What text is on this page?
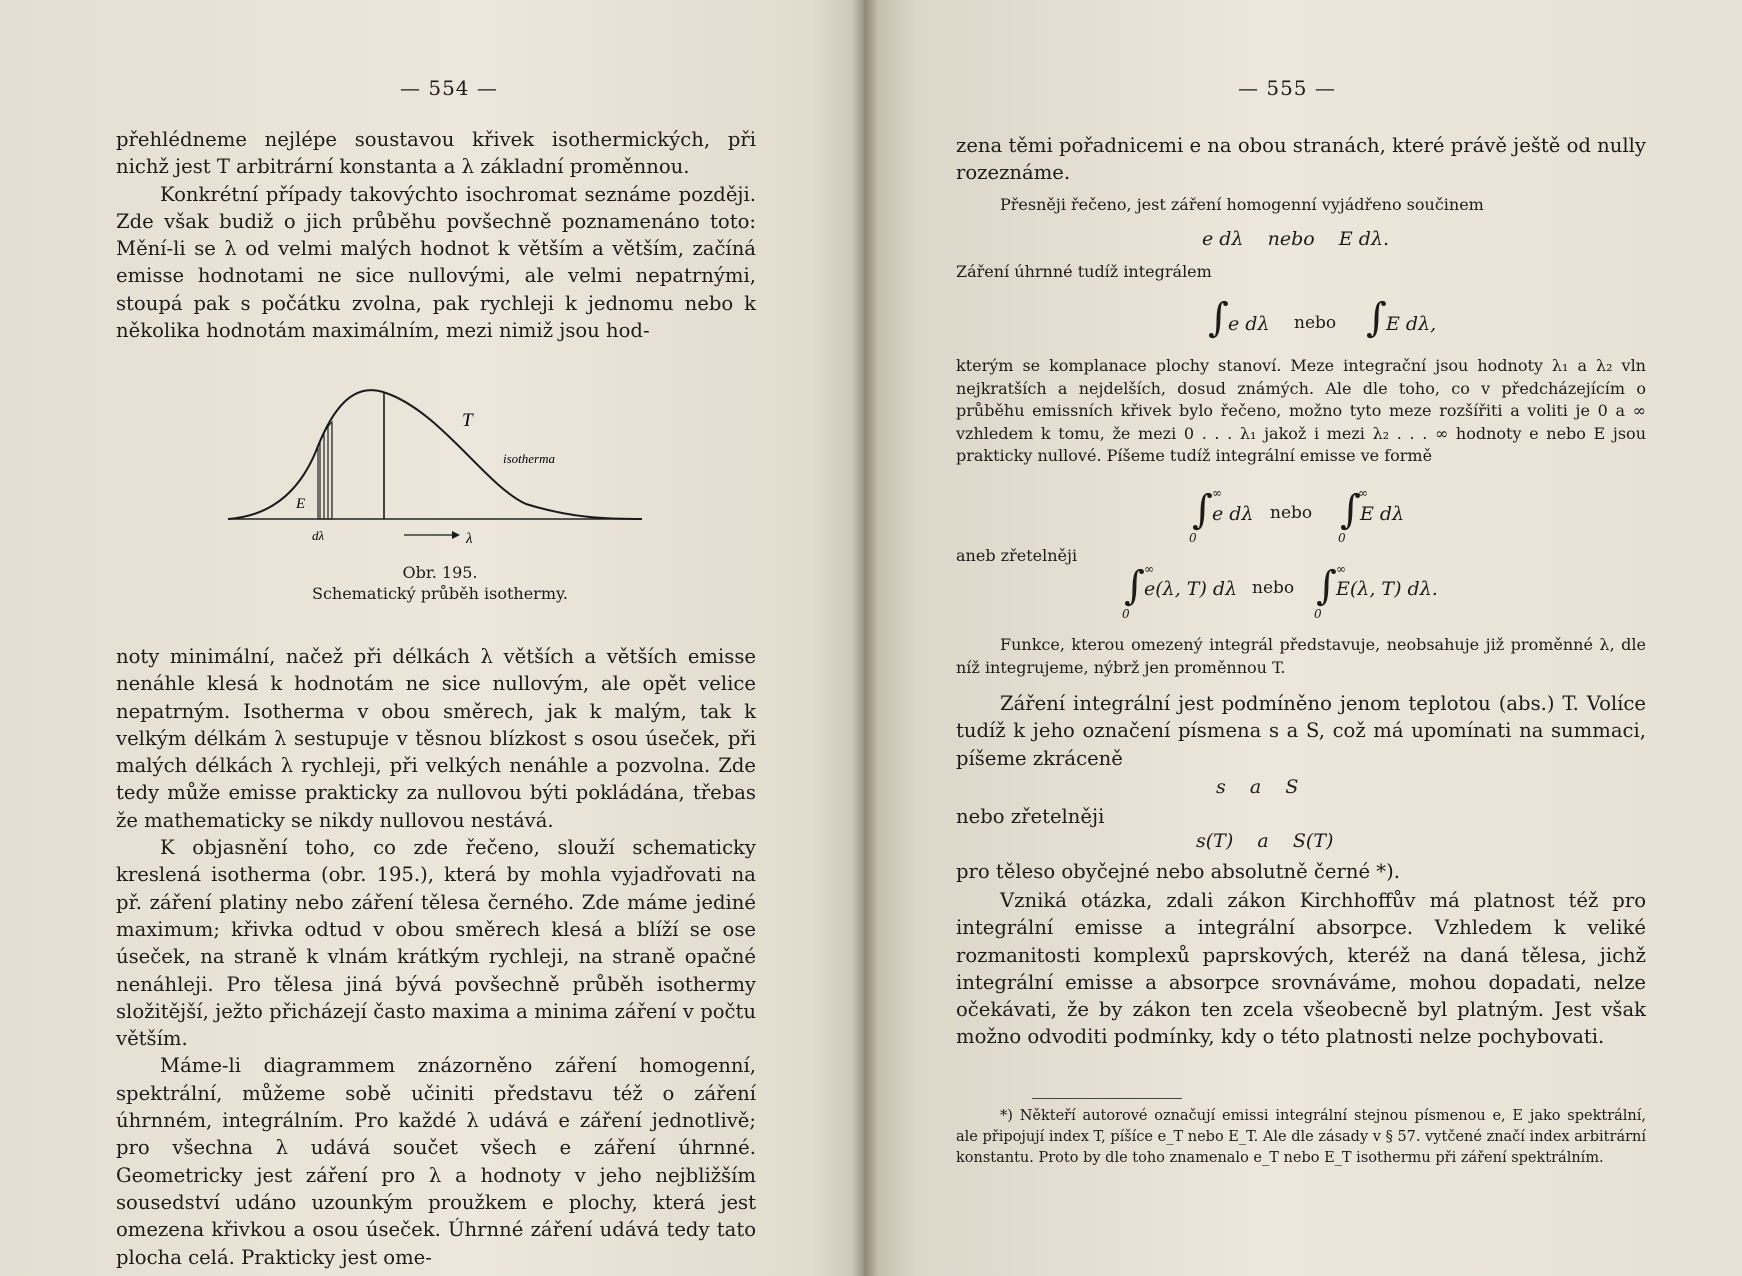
— 554 —

přehlédneme nejlépe soustavou křivek isothermických, při nichž jest T arbitrární konstanta a λ základní proměnnou.

Konkrétní případy takovýchto isochromat seznáme později. Zde však budiž o jich průběhu povšechně poznamenáno toto: Mění-li se λ od velmi malých hodnot k větším a větším, začíná emisse hodnotami ne sice nullovými, ale velmi nepatrnými, stoupá pak s počátku zvolna, pak rychleji k jednomu nebo k několika hodnotám maximálním, mezi nimiž jsou hod-

T
isotherma
E
dλ	λ
Obr. 195.
Schematický průběh isothermy.

noty minimální, načež při délkách λ větších a větších emisse nenáhle klesá k hodnotám ne sice nullovým, ale opět velice nepatrným. Isotherma v obou směrech, jak k malým, tak k velkým délkám λ sestupuje v těsnou blízkost s osou úseček, při malých délkách λ rychleji, při velkých nenáhle a pozvolna. Zde tedy může emisse prakticky za nullovou býti pokládána, třebas že mathematicky se nikdy nullovou nestává.

K objasnění toho, co zde řečeno, slouží schematicky kreslená isotherma (obr. 195.), která by mohla vyjadřovati na př. záření platiny nebo záření tělesa černého. Zde máme jediné maximum; křivka odtud v obou směrech klesá a blíží se ose úseček, na straně k vlnám krátkým rychleji, na straně opačné nenáhleji. Pro tělesa jiná bývá povšechně průběh isothermy složitější, ježto přicházejí často maxima a minima záření v počtu větším.

Máme-li diagrammem znázorněno záření homogenní, spektrální, můžeme sobě učiniti představu též o záření úhrnném, integrálním. Pro každé λ udává e záření jednotlivě; pro všechna λ udává součet všech e záření úhrnné. Geometricky jest záření pro λ a hodnoty v jeho nejbližším sousedství udáno uzounkým proužkem e plochy, která jest omezena křivkou a osou úseček. Úhrnné záření udává tedy tato plocha celá. Prakticky jest ome-

— 555 —

zena těmi pořadnicemi e na obou stranách, které právě ještě od nully rozeznáme.

Přesněji řečeno, jest záření homogenní vyjádřeno součinem

e dλ    nebo    E dλ.

Záření úhrnné tudíž integrálem

∫ e dλ nebo ∫ E dλ,

kterým se komplanace plochy stanoví. Meze integrační jsou hodnoty λ₁ a λ₂ vln nejkratších a nejdelších, dosud známých. Ale dle toho, co v předcházejícím o průběhu emissních křivek bylo řečeno, možno tyto meze rozšířiti a voliti je 0 a ∞ vzhledem k tomu, že mezi 0 . . . λ₁ jakož i mezi λ₂ . . . ∞ hodnoty e nebo E jsou prakticky nullové. Píšeme tudíž integrální emisse ve formě

∫ ∞
0
e dλ nebo ∫
∞
0
E dλ

aneb zřetelněji

∫ ∞
0
e(λ, T) dλ nebo ∫ ∞
0
E(λ, T) dλ.

Funkce, kterou omezený integrál představuje, neobsahuje již proměnné λ, dle níž integrujeme, nýbrž jen proměnnou T.

Záření integrální jest podmíněno jenom teplotou (abs.) T. Volíce tudíž k jeho označení písmena s a S, což má upomínati na summaci, píšeme zkráceně

s    a    S

nebo zřetelněji

s(T)    a    S(T)

pro těleso obyčejné nebo absolutně černé *).

Vzniká otázka, zdali zákon Kirchhoffův má platnost též pro integrální emisse a integrální absorpce. Vzhledem k veliké rozmanitosti komplexů paprskových, kteréž na daná tělesa, jichž integrální emisse a absorpce srovnáváme, mohou dopadati, nelze očekávati, že by zákon ten zcela všeobecně byl platným. Jest však možno odvoditi podmínky, kdy o této platnosti nelze pochybovati.

*) Někteří autorové označují emissi integrální stejnou písmenou e, E jako spektrální, ale připojují index T, píšíce e_T nebo E_T. Ale dle zásady v § 57. vytčené značí index arbitrární konstantu. Proto by dle toho znamenalo e_T nebo E_T isothermu při záření spektrálním.
